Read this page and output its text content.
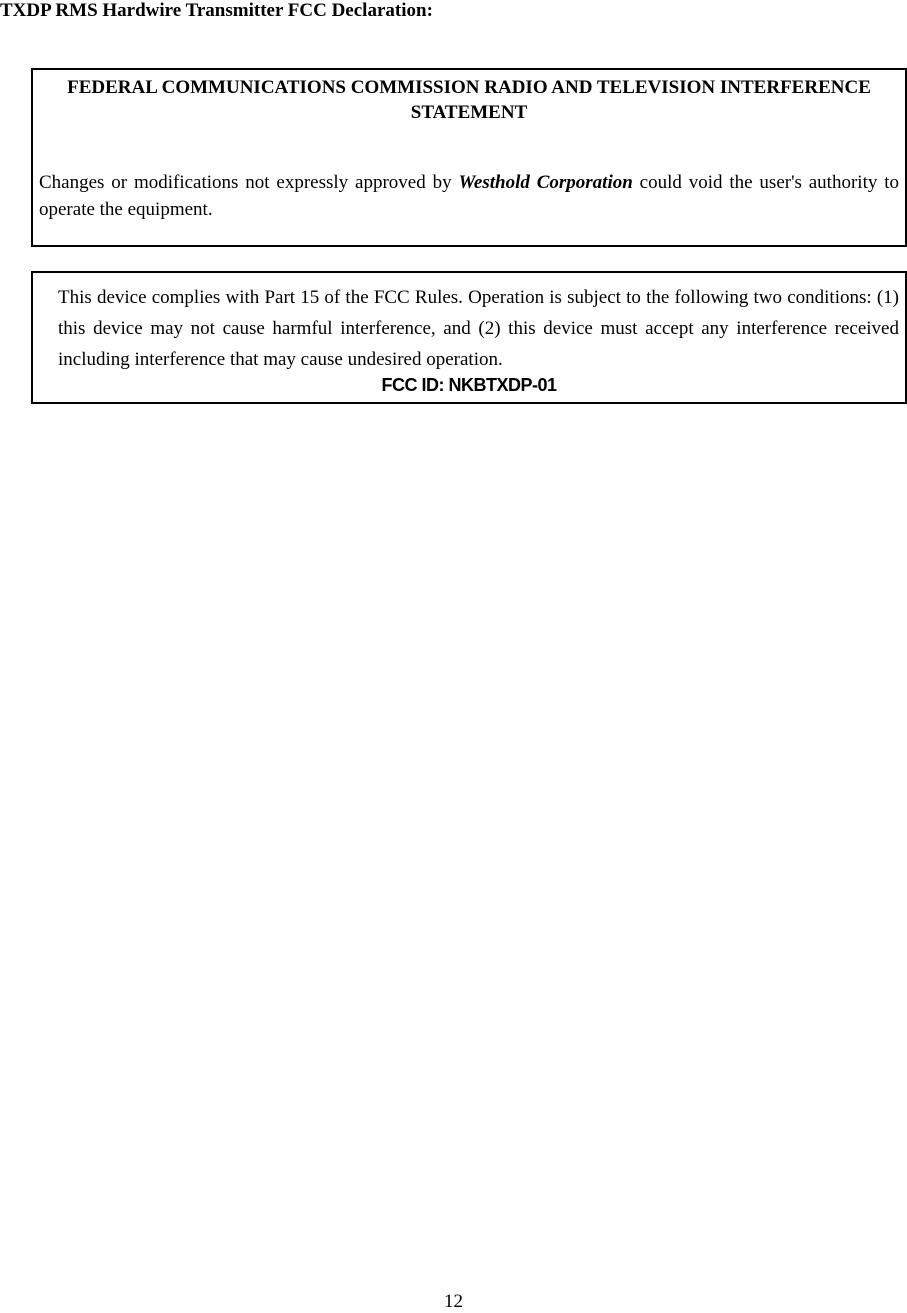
TXDP RMS Hardwire Transmitter FCC Declaration:
FEDERAL COMMUNICATIONS COMMISSION RADIO AND TELEVISION INTERFERENCE STATEMENT
Changes or modifications not expressly approved by Westhold Corporation could void the user's authority to operate the equipment.
This device complies with Part 15 of the FCC Rules. Operation is subject to the following two conditions: (1) this device may not cause harmful interference, and (2) this device must accept any interference received including interference that may cause undesired operation.
FCC ID: NKBTXDP-01
12
